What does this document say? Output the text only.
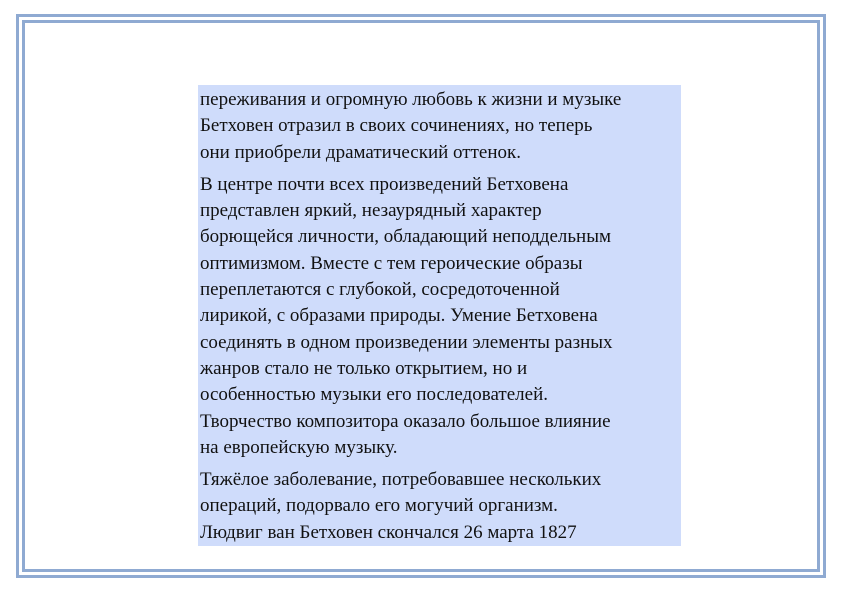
переживания и огромную любовь к жизни и музыке
Бетховен отразил в своих сочинениях, но теперь
они приобрели драматический оттенок.

В центре почти всех произведений Бетховена
представлен яркий, незаурядный характер
борющейся личности, обладающий неподдельным
оптимизмом. Вместе с тем героические образы
переплетаются с глубокой, сосредоточенной
лирикой, с образами природы. Умение Бетховена
соединять в одном произведении элементы разных
жанров стало не только открытием, но и
особенностью музыки его последователей.
Творчество композитора оказало большое влияние
на европейскую музыку.

Тяжёлое заболевание, потребовавшее нескольких
операций, подорвало его могучий организм.
Людвиг ван Бетховен скончался 26 марта 1827
